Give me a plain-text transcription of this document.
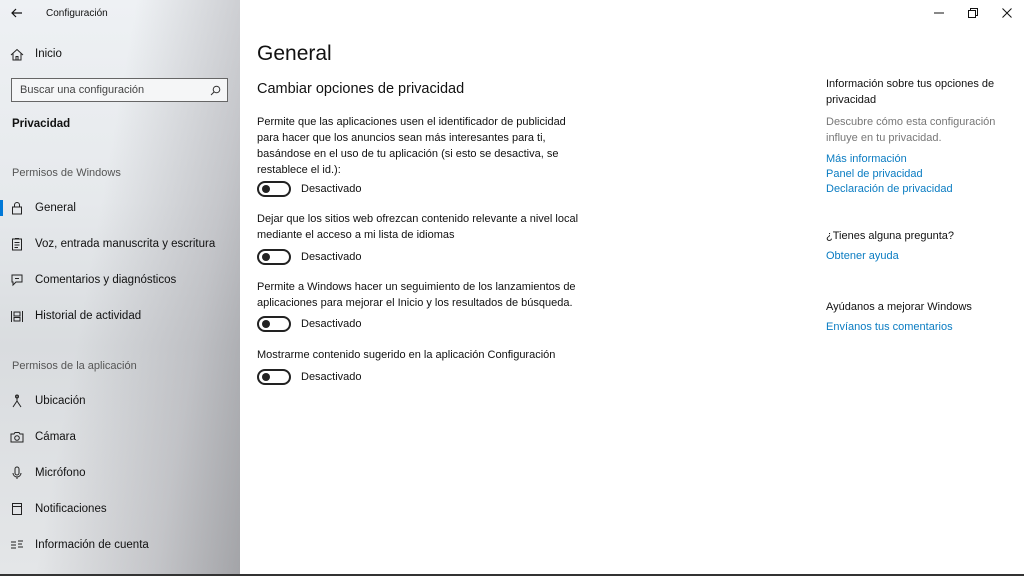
Configuración
Inicio
Buscar una configuración
Privacidad
Permisos de Windows
General
Voz, entrada manuscrita y escritura
Comentarios y diagnósticos
Historial de actividad
Permisos de la aplicación
Ubicación
Cámara
Micrófono
Notificaciones
Información de cuenta
General
Cambiar opciones de privacidad
Permite que las aplicaciones usen el identificador de publicidad para hacer que los anuncios sean más interesantes para ti, basándose en el uso de tu aplicación (si esto se desactiva, se restablece el id.):
Desactivado
Dejar que los sitios web ofrezcan contenido relevante a nivel local mediante el acceso a mi lista de idiomas
Desactivado
Permite a Windows hacer un seguimiento de los lanzamientos de aplicaciones para mejorar el Inicio y los resultados de búsqueda.
Desactivado
Mostrarme contenido sugerido en la aplicación Configuración
Desactivado
Información sobre tus opciones de privacidad
Descubre cómo esta configuración influye en tu privacidad.
Más información
Panel de privacidad
Declaración de privacidad
¿Tienes alguna pregunta?
Obtener ayuda
Ayúdanos a mejorar Windows
Envíanos tus comentarios
